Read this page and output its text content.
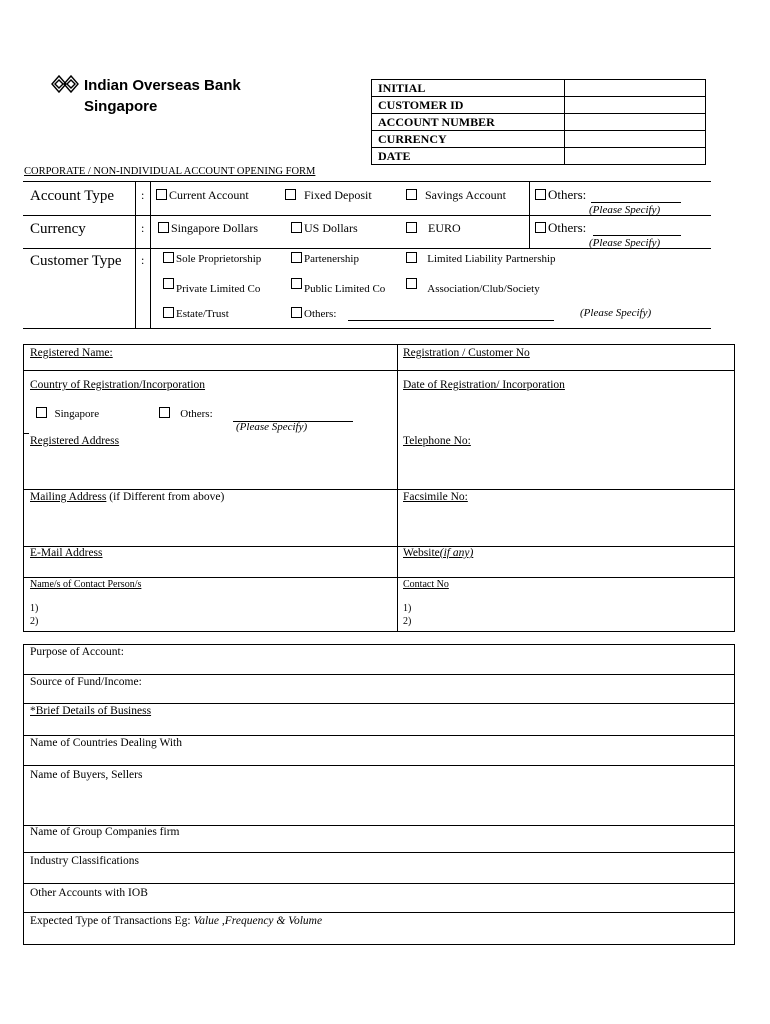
Indian Overseas Bank
Singapore
INITIAL	
CUSTOMER ID	
ACCOUNT NUMBER	
CURRENCY	
DATE	
CORPORATE / NON-INDIVIDUAL ACCOUNT OPENING FORM
Account Type :	Current Account	Fixed Deposit	Savings Account	Others:
(Please Specify)
Currency	:	Singapore Dollars	US Dollars	EURO	Others:
(Please Specify)
Customer Type :	Sole Proprietorship	Partenership	Limited Liability Partnership
Private Limited Co	Public Limited Co	Association/Club/Society
Estate/Trust	Others:	(Please Specify)
Registered Name:	Registration / Customer No
Country of Registration/Incorporation	Date of Registration/ Incorporation
Singapore	Others:
(Please Specify)
Registered Address	Telephone No:
Mailing Address (if Different from above)	Facsimile No:
E-Mail Address	Website(if any)
Name/s of Contact Person/s	Contact No
1)
2)
1)
2)
Purpose of Account:
Source of Fund/Income:
*Brief Details of Business
Name of Countries Dealing With
Name of Buyers, Sellers
Name of Group Companies firm
Industry Classifications
Other Accounts with IOB
Expected Type of Transactions Eg: Value ,Frequency & Volume
